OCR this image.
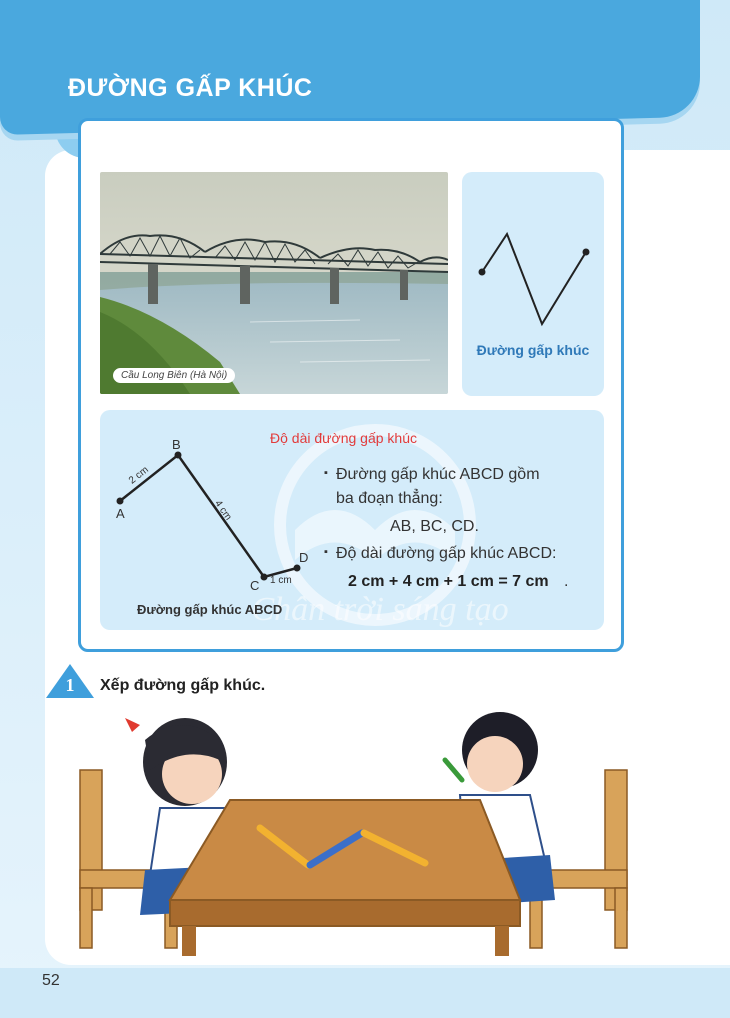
ĐƯỜNG GẤP KHÚC
Cầu Long Biên (Hà Nội)
Đường gấp khúc
Chân trời sáng tạo
Độ dài đường gấp khúc
A
B
C
D
2 cm
4 cm
1 cm
▪ Đường gấp khúc ABCD gồm
ba đoạn thẳng:
AB, BC, CD.
▪ Độ dài đường gấp khúc ABCD:
2 cm + 4 cm + 1 cm = 7 cm .
Đường gấp khúc ABCD
1 Xếp đường gấp khúc.
52
